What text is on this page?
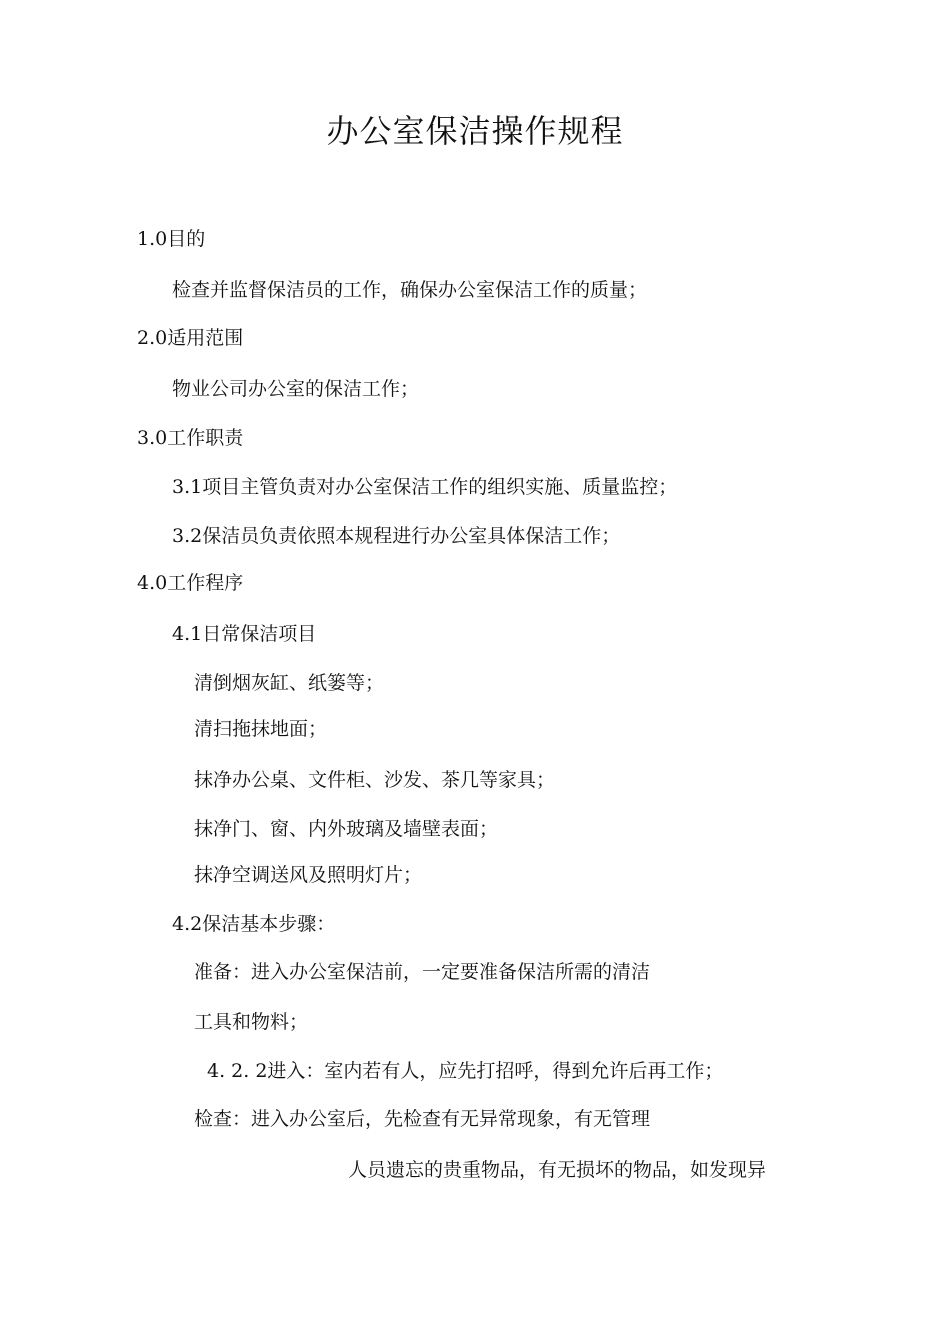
办公室保洁操作规程
1.0目的
检查并监督保洁员的工作，确保办公室保洁工作的质量；
2.0适用范围
物业公司办公室的保洁工作；
3.0工作职责
3.1项目主管负责对办公室保洁工作的组织实施、质量监控；
3.2保洁员负责依照本规程进行办公室具体保洁工作；
4.0工作程序
4.1日常保洁项目
清倒烟灰缸、纸篓等；
清扫拖抹地面；
抹净办公桌、文件柜、沙发、茶几等家具；
抹净门、窗、内外玻璃及墙壁表面；
抹净空调送风及照明灯片；
4.2保洁基本步骤：
准备：进入办公室保洁前，一定要准备保洁所需的清洁
工具和物料；
4. 2. 2进入：室内若有人，应先打招呼，得到允许后再工作；
检查：进入办公室后，先检查有无异常现象，有无管理
人员遗忘的贵重物品，有无损坏的物品，如发现异
